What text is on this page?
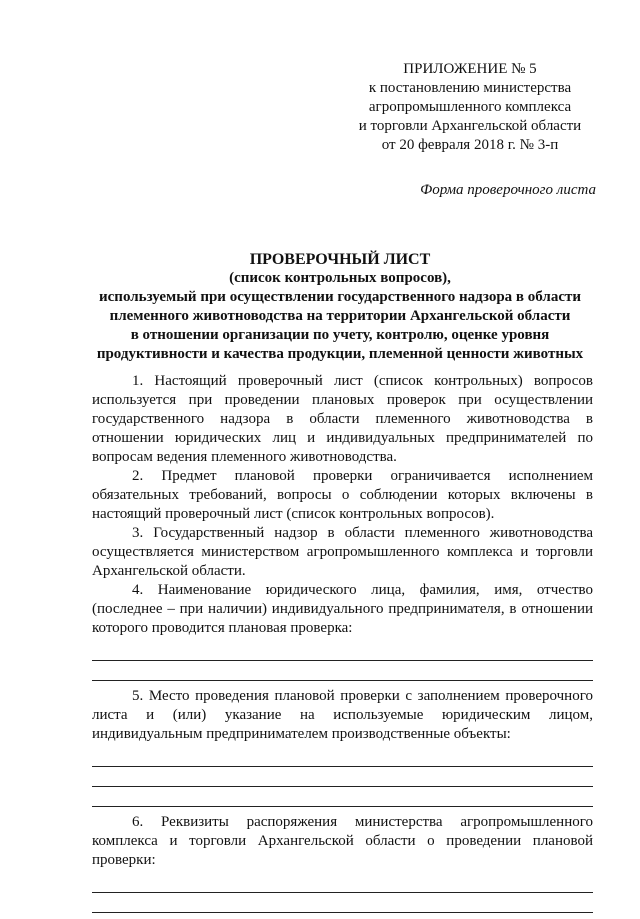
ПРИЛОЖЕНИЕ № 5
к постановлению министерства
агропромышленного комплекса
и торговли Архангельской области
от 20 февраля 2018 г. № 3-п
Форма проверочного листа
ПРОВЕРОЧНЫЙ ЛИСТ
(список контрольных вопросов),
используемый при осуществлении государственного надзора в области
племенного животноводства на территории Архангельской области
в отношении организации по учету, контролю, оценке уровня
продуктивности и качества продукции, племенной ценности животных

1. Настоящий проверочный лист (список контрольных) вопросов используется при проведении плановых проверок при осуществлении государственного надзора в области племенного животноводства в отношении юридических лиц и индивидуальных предпринимателей по вопросам ведения племенного животноводства.

2. Предмет плановой проверки ограничивается исполнением обязательных требований, вопросы о соблюдении которых включены в настоящий проверочный лист (список контрольных вопросов).

3. Государственный надзор в области племенного животноводства осуществляется министерством агропромышленного комплекса и торговли Архангельской области.

4. Наименование юридического лица, фамилия, имя, отчество (последнее – при наличии) индивидуального предпринимателя, в отношении которого проводится плановая проверка:

5. Место проведения плановой проверки с заполнением проверочного листа и (или) указание на используемые юридическим лицом, индивидуальным предпринимателем производственные объекты:

6. Реквизиты распоряжения министерства агропромышленного комплекса и торговли Архангельской области о проведении плановой проверки:
